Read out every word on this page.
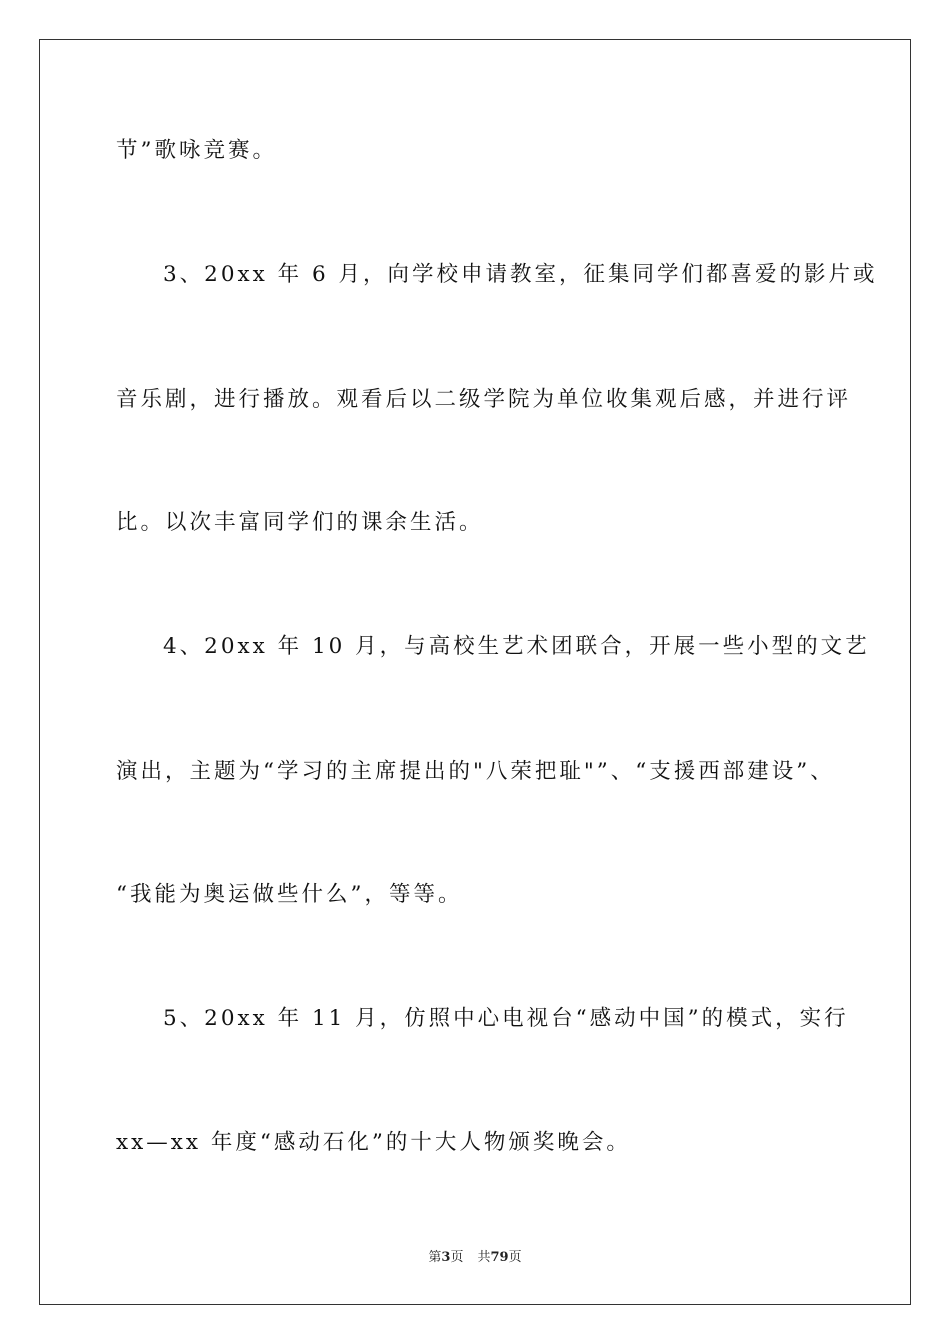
节”歌咏竞赛。
3、20xx 年 6 月，向学校申请教室，征集同学们都喜爱的影片或
音乐剧，进行播放。观看后以二级学院为单位收集观后感，并进行评
比。以次丰富同学们的课余生活。
4、20xx 年 10 月，与高校生艺术团联合，开展一些小型的文艺
演出，主题为“学习的主席提出的"八荣把耻"”、“支援西部建设”、
“我能为奥运做些什么”，等等。
5、20xx 年 11 月，仿照中心电视台“感动中国”的模式，实行
xx—xx 年度“感动石化”的十大人物颁奖晚会。
第3页 共79页
